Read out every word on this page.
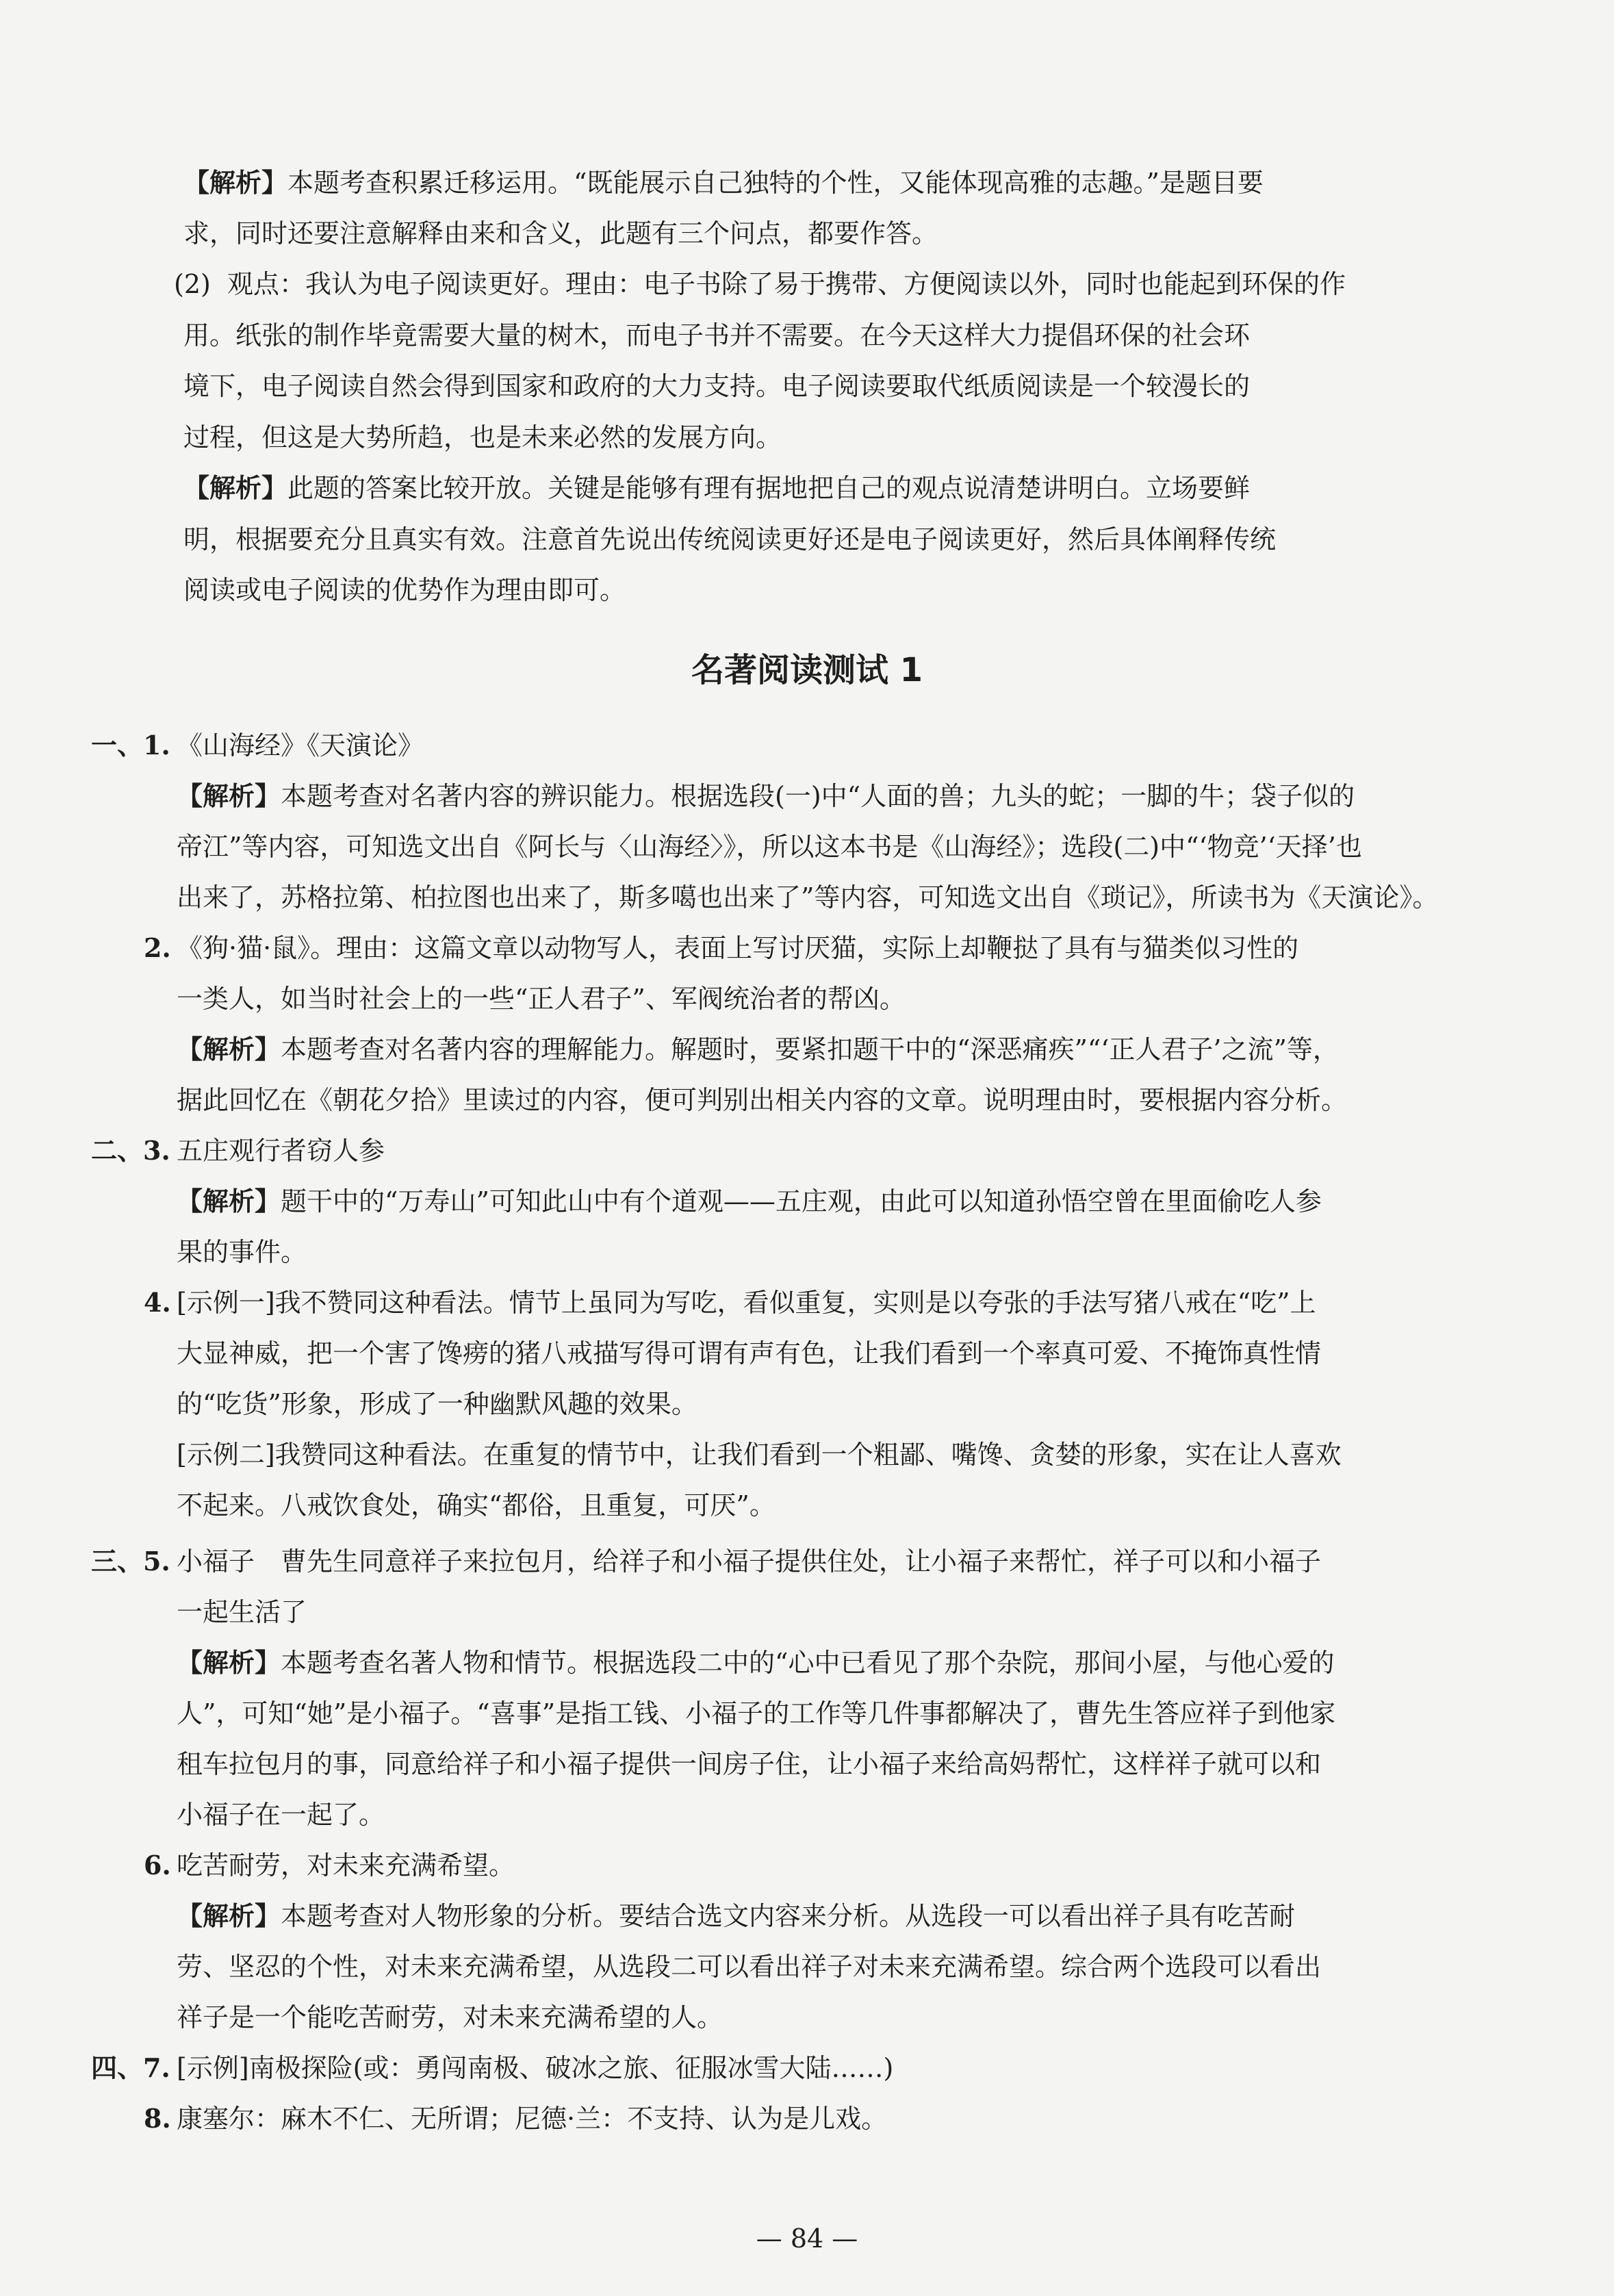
【解析】本题考查积累迁移运用。“既能展示自己独特的个性，又能体现高雅的志趣。”是题目要
求，同时还要注意解释由来和含义，此题有三个问点，都要作答。
(2) 观点：我认为电子阅读更好。理由：电子书除了易于携带、方便阅读以外，同时也能起到环保的作
用。纸张的制作毕竟需要大量的树木，而电子书并不需要。在今天这样大力提倡环保的社会环
境下，电子阅读自然会得到国家和政府的大力支持。电子阅读要取代纸质阅读是一个较漫长的
过程，但这是大势所趋，也是未来必然的发展方向。
【解析】此题的答案比较开放。关键是能够有理有据地把自己的观点说清楚讲明白。立场要鲜
明，根据要充分且真实有效。注意首先说出传统阅读更好还是电子阅读更好，然后具体阐释传统
阅读或电子阅读的优势作为理由即可。
名著阅读测试 1
一、1. 《山海经》《天演论》
【解析】本题考查对名著内容的辨识能力。根据选段(一)中“人面的兽；九头的蛇；一脚的牛；袋子似的
帝江”等内容，可知选文出自《阿长与〈山海经〉》，所以这本书是《山海经》；选段(二)中“‘物竞’‘天择’也
出来了，苏格拉第、柏拉图也出来了，斯多噶也出来了”等内容，可知选文出自《琐记》，所读书为《天演论》。
2. 《狗·猫·鼠》。理由：这篇文章以动物写人，表面上写讨厌猫，实际上却鞭挞了具有与猫类似习性的
一类人，如当时社会上的一些“正人君子”、军阀统治者的帮凶。
【解析】本题考查对名著内容的理解能力。解题时，要紧扣题干中的“深恶痛疾”“‘正人君子’之流”等，
据此回忆在《朝花夕拾》里读过的内容，便可判别出相关内容的文章。说明理由时，要根据内容分析。
二、3. 五庄观行者窃人参
【解析】题干中的“万寿山”可知此山中有个道观——五庄观，由此可以知道孙悟空曾在里面偷吃人参
果的事件。
4. [示例一]我不赞同这种看法。情节上虽同为写吃，看似重复，实则是以夸张的手法写猪八戒在“吃”上
大显神威，把一个害了馋痨的猪八戒描写得可谓有声有色，让我们看到一个率真可爱、不掩饰真性情
的“吃货”形象，形成了一种幽默风趣的效果。
[示例二]我赞同这种看法。在重复的情节中，让我们看到一个粗鄙、嘴馋、贪婪的形象，实在让人喜欢
不起来。八戒饮食处，确实“都俗，且重复，可厌”。
三、5. 小福子　曹先生同意祥子来拉包月，给祥子和小福子提供住处，让小福子来帮忙，祥子可以和小福子
一起生活了
【解析】本题考查名著人物和情节。根据选段二中的“心中已看见了那个杂院，那间小屋，与他心爱的
人”，可知“她”是小福子。“喜事”是指工钱、小福子的工作等几件事都解决了，曹先生答应祥子到他家
租车拉包月的事，同意给祥子和小福子提供一间房子住，让小福子来给高妈帮忙，这样祥子就可以和
小福子在一起了。
6. 吃苦耐劳，对未来充满希望。
【解析】本题考查对人物形象的分析。要结合选文内容来分析。从选段一可以看出祥子具有吃苦耐
劳、坚忍的个性，对未来充满希望，从选段二可以看出祥子对未来充满希望。综合两个选段可以看出
祥子是一个能吃苦耐劳，对未来充满希望的人。
四、7. [示例]南极探险(或：勇闯南极、破冰之旅、征服冰雪大陆……)
8. 康塞尔：麻木不仁、无所谓；尼德·兰：不支持、认为是儿戏。
— 84 —
